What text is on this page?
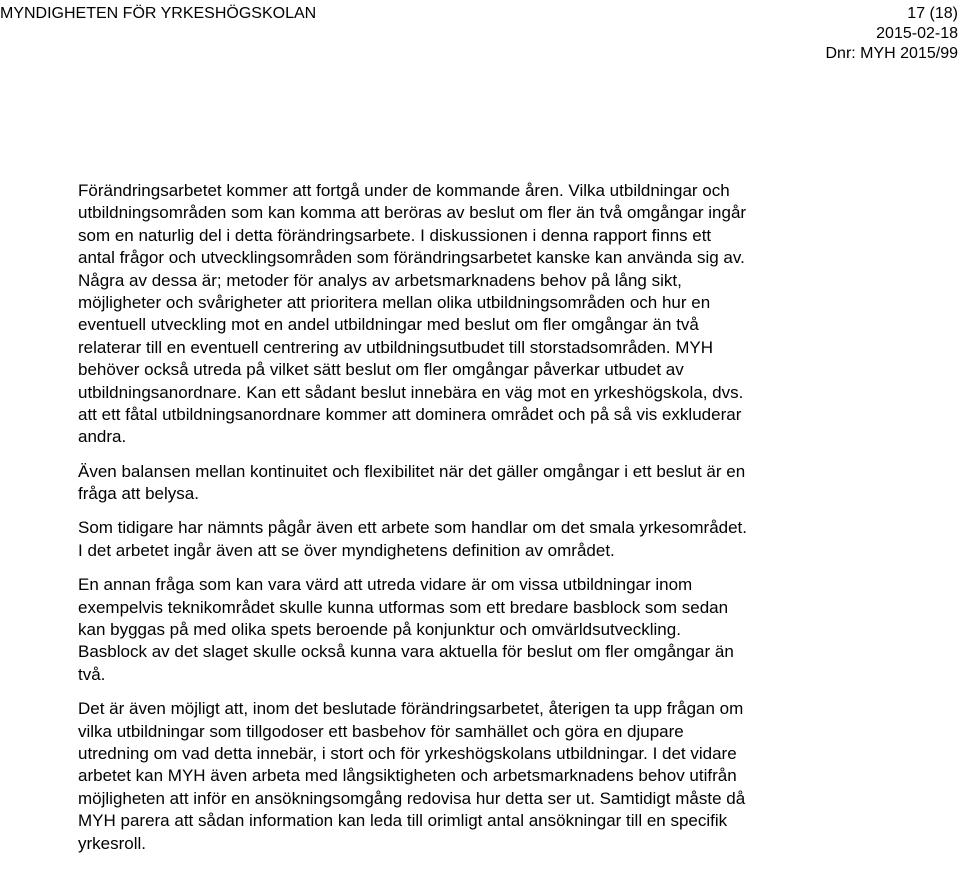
MYNDIGHETEN FÖR YRKESHÖGSKOLAN	17 (18)
2015-02-18
Dnr: MYH 2015/99
Förändringsarbetet kommer att fortgå under de kommande åren. Vilka utbildningar och
utbildningsområden som kan komma att beröras av beslut om fler än två omgångar ingår
som en naturlig del i detta förändringsarbete. I diskussionen i denna rapport finns ett
antal frågor och utvecklingsområden som förändringsarbetet kanske kan använda sig av.
Några av dessa är; metoder för analys av arbetsmarknadens behov på lång sikt,
möjligheter och svårigheter att prioritera mellan olika utbildningsområden och hur en
eventuell utveckling mot en andel utbildningar med beslut om fler omgångar än två
relaterar till en eventuell centrering av utbildningsutbudet till storstadsområden. MYH
behöver också utreda på vilket sätt beslut om fler omgångar påverkar utbudet av
utbildningsanordnare. Kan ett sådant beslut innebära en väg mot en yrkeshögskola, dvs.
att ett fåtal utbildningsanordnare kommer att dominera området och på så vis exkluderar
andra.
Även balansen mellan kontinuitet och flexibilitet när det gäller omgångar i ett beslut är en
fråga att belysa.
Som tidigare har nämnts pågår även ett arbete som handlar om det smala yrkesområdet.
I det arbetet ingår även att se över myndighetens definition av området.
En annan fråga som kan vara värd att utreda vidare är om vissa utbildningar inom
exempelvis teknikområdet skulle kunna utformas som ett bredare basblock som sedan
kan byggas på med olika spets beroende på konjunktur och omvärldsutveckling.
Basblock av det slaget skulle också kunna vara aktuella för beslut om fler omgångar än
två.
Det är även möjligt att, inom det beslutade förändringsarbetet, återigen ta upp frågan om
vilka utbildningar som tillgodoser ett basbehov för samhället och göra en djupare
utredning om vad detta innebär, i stort och för yrkeshögskolans utbildningar. I det vidare
arbetet kan MYH även arbeta med långsiktigheten och arbetsmarknadens behov utifrån
möjligheten att inför en ansökningsomgång redovisa hur detta ser ut. Samtidigt måste då
MYH parera att sådan information kan leda till orimligt antal ansökningar till en specifik
yrkesroll.
